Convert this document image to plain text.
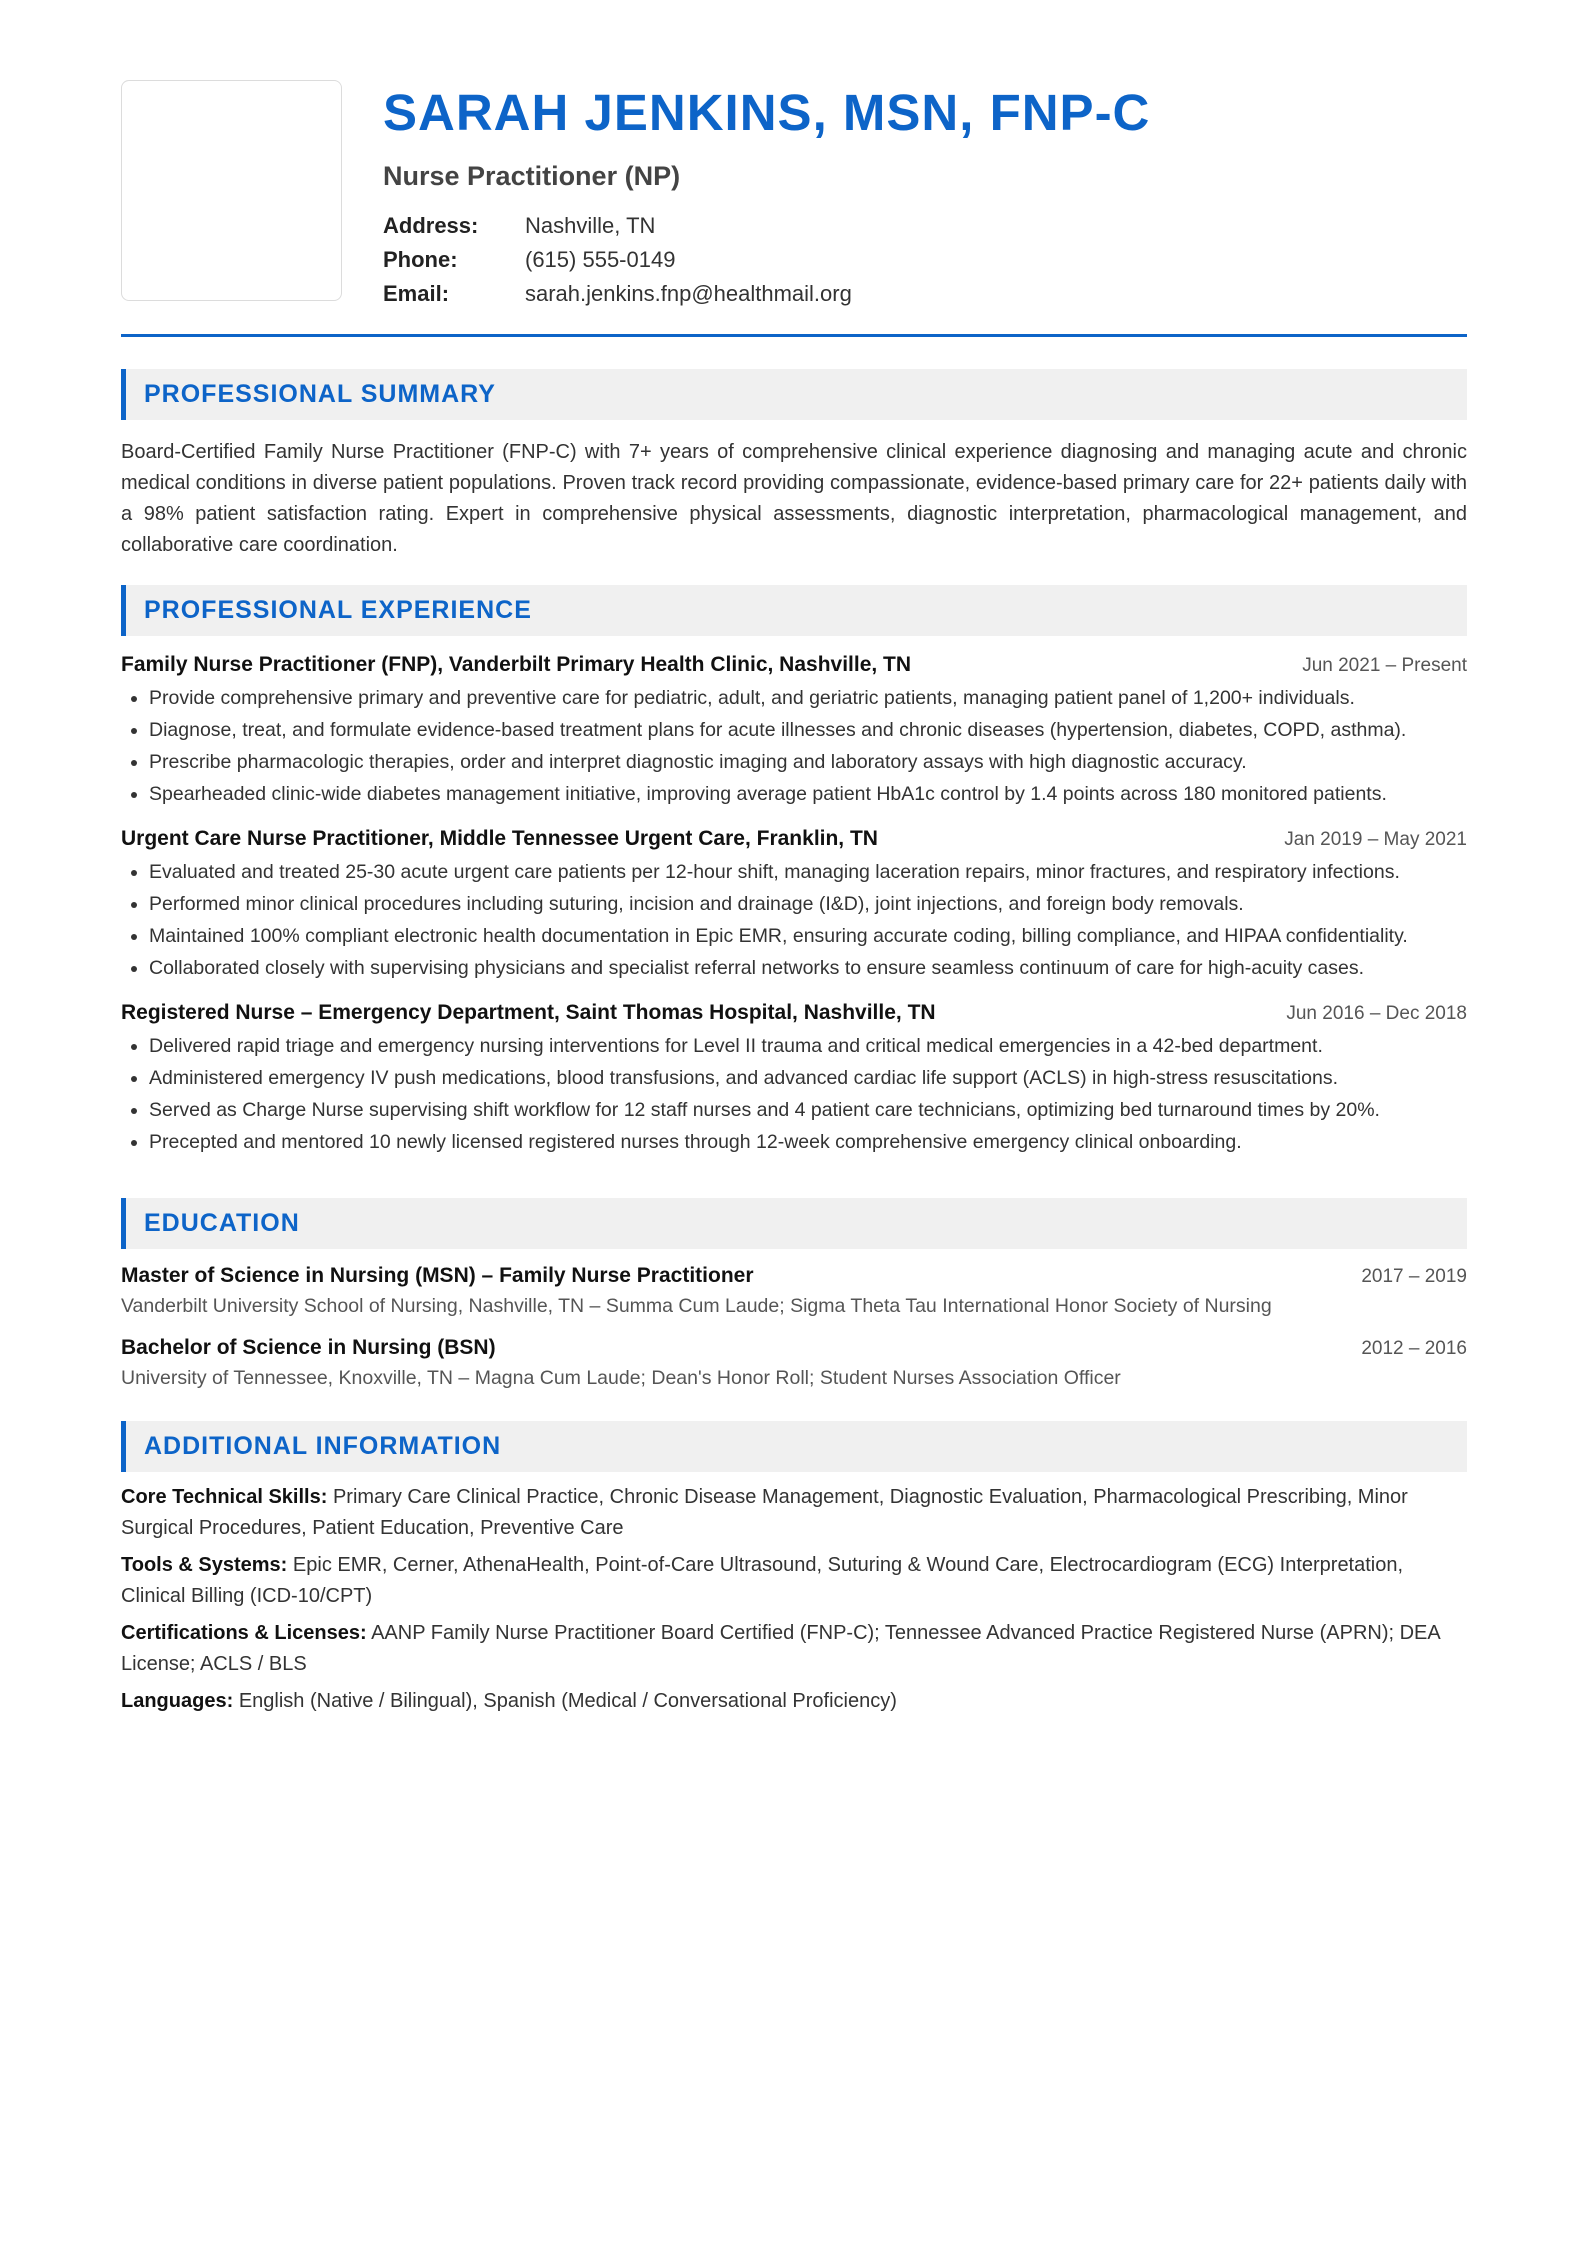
SARAH JENKINS, MSN, FNP-C
Nurse Practitioner (NP)
Address:	Nashville, TN
Phone:	(615) 555-0149
Email:	sarah.jenkins.fnp@healthmail.org
PROFESSIONAL SUMMARY

Board-Certified Family Nurse Practitioner (FNP-C) with 7+ years of comprehensive clinical experience diagnosing and managing acute and chronic medical conditions in diverse patient populations. Proven track record providing compassionate, evidence-based primary care for 22+ patients daily with a 98% patient satisfaction rating. Expert in comprehensive physical assessments, diagnostic interpretation, pharmacological management, and collaborative care coordination.

PROFESSIONAL EXPERIENCE
Family Nurse Practitioner (FNP), Vanderbilt Primary Health Clinic, Nashville, TN	Jun 2021 – Present
• Provide comprehensive primary and preventive care for pediatric, adult, and geriatric patients, managing patient panel of 1,200+ individuals.
• Diagnose, treat, and formulate evidence-based treatment plans for acute illnesses and chronic diseases (hypertension, diabetes, COPD, asthma).
• Prescribe pharmacologic therapies, order and interpret diagnostic imaging and laboratory assays with high diagnostic accuracy.
• Spearheaded clinic-wide diabetes management initiative, improving average patient HbA1c control by 1.4 points across 180 monitored patients.
Urgent Care Nurse Practitioner, Middle Tennessee Urgent Care, Franklin, TN	Jan 2019 – May 2021
• Evaluated and treated 25-30 acute urgent care patients per 12-hour shift, managing laceration repairs, minor fractures, and respiratory infections.
• Performed minor clinical procedures including suturing, incision and drainage (I&D), joint injections, and foreign body removals.
• Maintained 100% compliant electronic health documentation in Epic EMR, ensuring accurate coding, billing compliance, and HIPAA confidentiality.
• Collaborated closely with supervising physicians and specialist referral networks to ensure seamless continuum of care for high-acuity cases.
Registered Nurse – Emergency Department, Saint Thomas Hospital, Nashville, TN	Jun 2016 – Dec 2018
• Delivered rapid triage and emergency nursing interventions for Level II trauma and critical medical emergencies in a 42-bed department.
• Administered emergency IV push medications, blood transfusions, and advanced cardiac life support (ACLS) in high-stress resuscitations.
• Served as Charge Nurse supervising shift workflow for 12 staff nurses and 4 patient care technicians, optimizing bed turnaround times by 20%.
• Precepted and mentored 10 newly licensed registered nurses through 12-week comprehensive emergency clinical onboarding.
EDUCATION
Master of Science in Nursing (MSN) – Family Nurse Practitioner	2017 – 2019
Vanderbilt University School of Nursing, Nashville, TN – Summa Cum Laude; Sigma Theta Tau International Honor Society of Nursing
Bachelor of Science in Nursing (BSN)	2012 – 2016
University of Tennessee, Knoxville, TN – Magna Cum Laude; Dean's Honor Roll; Student Nurses Association Officer
ADDITIONAL INFORMATION
Core Technical Skills: Primary Care Clinical Practice, Chronic Disease Management, Diagnostic Evaluation, Pharmacological Prescribing, Minor Surgical Procedures, Patient Education, Preventive Care
Tools & Systems: Epic EMR, Cerner, AthenaHealth, Point-of-Care Ultrasound, Suturing & Wound Care, Electrocardiogram (ECG) Interpretation, Clinical Billing (ICD-10/CPT)
Certifications & Licenses: AANP Family Nurse Practitioner Board Certified (FNP-C); Tennessee Advanced Practice Registered Nurse (APRN); DEA License; ACLS / BLS
Languages: English (Native / Bilingual), Spanish (Medical / Conversational Proficiency)
